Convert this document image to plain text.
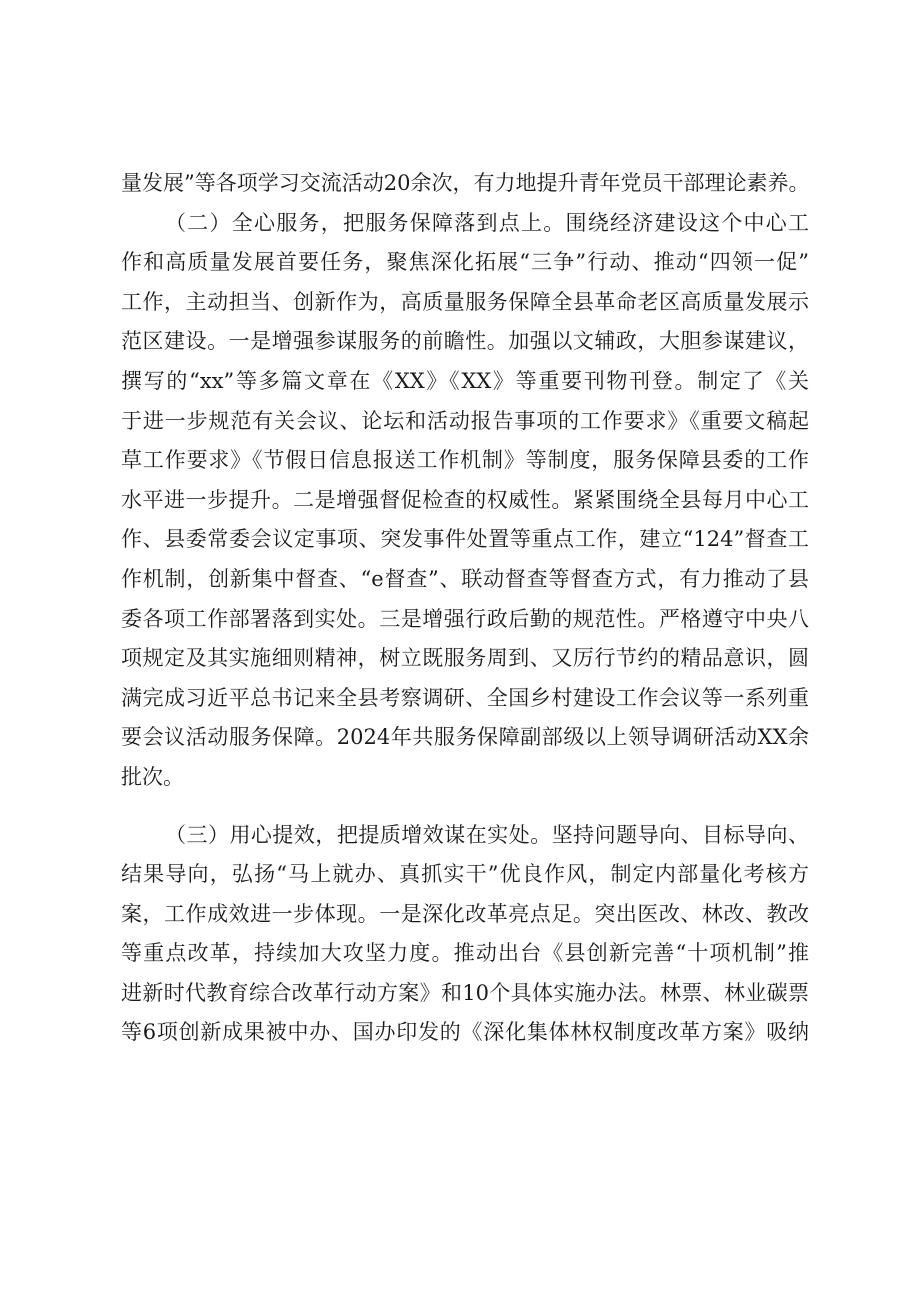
量发展”等各项学习交流活动20余次，有力地提升青年党员干部理论素养。
（二）全心服务，把服务保障落到点上。围绕经济建设这个中心工
作和高质量发展首要任务，聚焦深化拓展“三争”行动、推动“四领一促”
工作，主动担当、创新作为，高质量服务保障全县革命老区高质量发展示
范区建设。一是增强参谋服务的前瞻性。加强以文辅政，大胆参谋建议，
撰写的“xx”等多篇文章在《XX》《XX》等重要刊物刊登。制定了《关
于进一步规范有关会议、论坛和活动报告事项的工作要求》《重要文稿起
草工作要求》《节假日信息报送工作机制》等制度，服务保障县委的工作
水平进一步提升。二是增强督促检查的权威性。紧紧围绕全县每月中心工
作、县委常委会议定事项、突发事件处置等重点工作，建立“124”督查工
作机制，创新集中督查、“e督查”、联动督查等督查方式，有力推动了县
委各项工作部署落到实处。三是增强行政后勤的规范性。严格遵守中央八
项规定及其实施细则精神，树立既服务周到、又厉行节约的精品意识，圆
满完成习近平总书记来全县考察调研、全国乡村建设工作会议等一系列重
要会议活动服务保障。2024年共服务保障副部级以上领导调研活动XX余
批次。
（三）用心提效，把提质增效谋在实处。坚持问题导向、目标导向、
结果导向，弘扬“马上就办、真抓实干”优良作风，制定内部量化考核方
案，工作成效进一步体现。一是深化改革亮点足。突出医改、林改、教改
等重点改革，持续加大攻坚力度。推动出台《县创新完善“十项机制”推
进新时代教育综合改革行动方案》和10个具体实施办法。林票、林业碳票
等6项创新成果被中办、国办印发的《深化集体林权制度改革方案》吸纳
